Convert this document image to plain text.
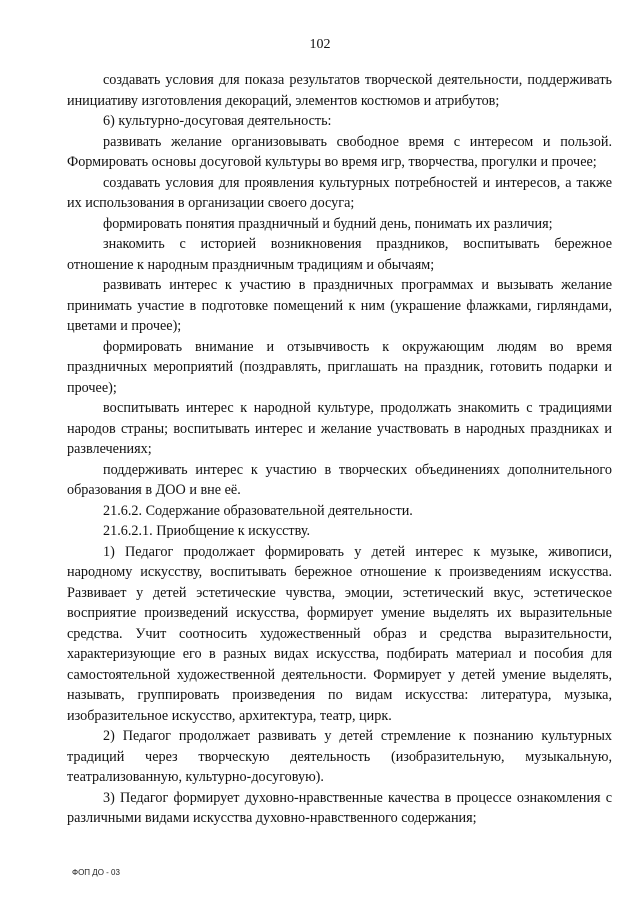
102

создавать условия для показа результатов творческой деятельности, поддерживать инициативу изготовления декораций, элементов костюмов и атрибутов;

6) культурно-досуговая деятельность:

развивать желание организовывать свободное время с интересом и пользой. Формировать основы досуговой культуры во время игр, творчества, прогулки и прочее;

создавать условия для проявления культурных потребностей и интересов, а также их использования в организации своего досуга;

формировать понятия праздничный и будний день, понимать их различия;

знакомить с историей возникновения праздников, воспитывать бережное отношение к народным праздничным традициям и обычаям;

развивать интерес к участию в праздничных программах и вызывать желание принимать участие в подготовке помещений к ним (украшение флажками, гирляндами, цветами и прочее);

формировать внимание и отзывчивость к окружающим людям во время праздничных мероприятий (поздравлять, приглашать на праздник, готовить подарки и прочее);

воспитывать интерес к народной культуре, продолжать знакомить с традициями народов страны; воспитывать интерес и желание участвовать в народных праздниках и развлечениях;

поддерживать интерес к участию в творческих объединениях дополнительного образования в ДОО и вне её.

21.6.2. Содержание образовательной деятельности.

21.6.2.1. Приобщение к искусству.

1) Педагог продолжает формировать у детей интерес к музыке, живописи, народному искусству, воспитывать бережное отношение к произведениям искусства. Развивает у детей эстетические чувства, эмоции, эстетический вкус, эстетическое восприятие произведений искусства, формирует умение выделять их выразительные средства. Учит соотносить художественный образ и средства выразительности, характеризующие его в разных видах искусства, подбирать материал и пособия для самостоятельной художественной деятельности. Формирует у детей умение выделять, называть, группировать произведения по видам искусства: литература, музыка, изобразительное искусство, архитектура, театр, цирк.

2) Педагог продолжает развивать у детей стремление к познанию культурных традиций через творческую деятельность (изобразительную, музыкальную, театрализованную, культурно-досуговую).

3) Педагог формирует духовно-нравственные качества в процессе ознакомления с различными видами искусства духовно-нравственного содержания;

ФОП ДО - 03
